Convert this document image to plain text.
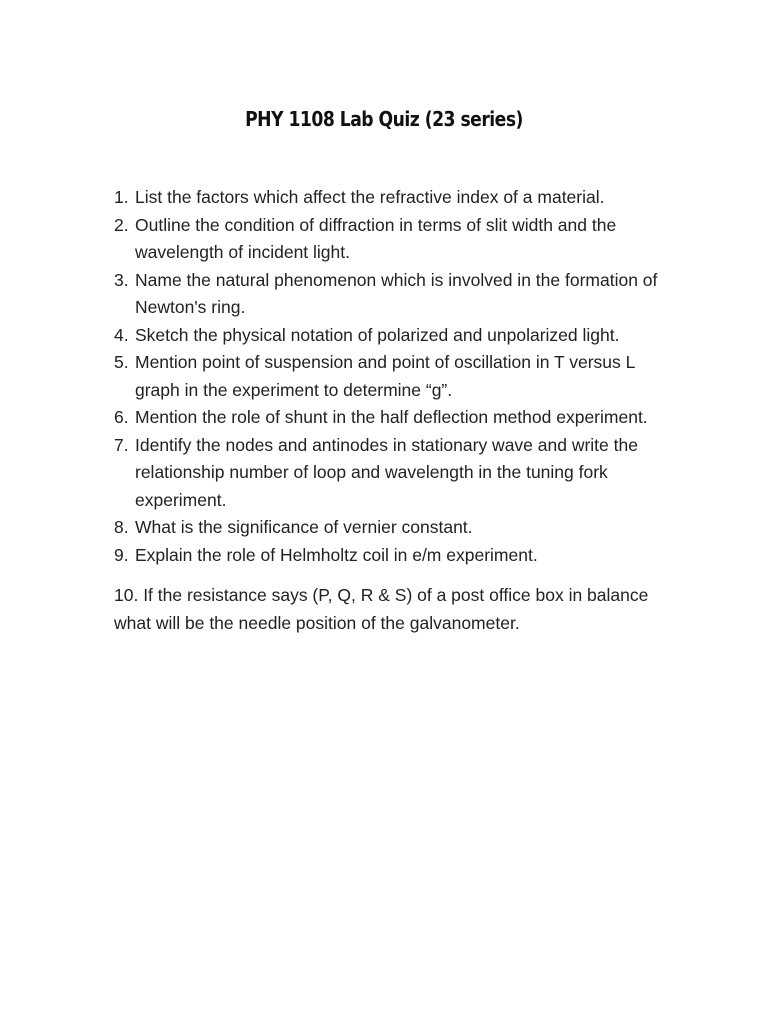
PHY 1108 Lab Quiz (23 series)
1. List the factors which affect the refractive index of a material.
2. Outline the condition of diffraction in terms of slit width and the wavelength of incident light.
3. Name the natural phenomenon which is involved in the formation of Newton's ring.
4. Sketch the physical notation of polarized and unpolarized light.
5. Mention point of suspension and point of oscillation in T versus L graph in the experiment to determine “g”.
6. Mention the role of shunt in the half deflection method experiment.
7. Identify the nodes and antinodes in stationary wave and write the relationship number of loop and wavelength in the tuning fork experiment.
8. What is the significance of vernier constant.
9. Explain the role of Helmholtz coil in e/m experiment.

10. If the resistance says (P, Q, R & S) of a post office box in balance what will be the needle position of the galvanometer.
